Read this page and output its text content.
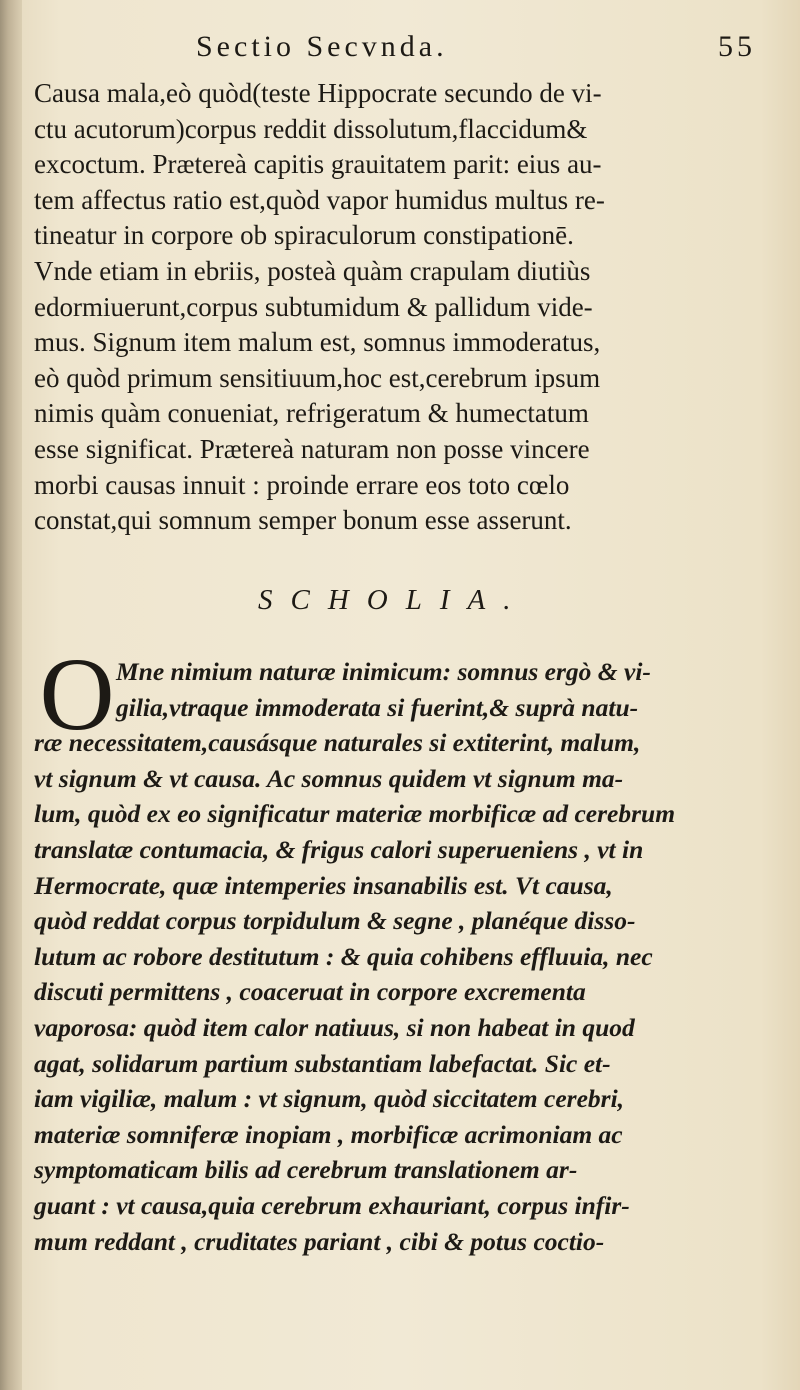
Sectio Secvnda.	55
Causa mala,eò quòd(teste Hippocrate secundo de vi-
ctu acutorum)corpus reddit dissolutum,flaccidum&
excoctum. Prætereà capitis grauitatem parit: eius au-
tem affectus ratio est,quòd vapor humidus multus re-
tineatur in corpore ob spiraculorum constipationē.
Vnde etiam in ebriis, posteà quàm crapulam diutiùs
edormiuerunt,corpus subtumidum & pallidum vide-
mus. Signum item malum est, somnus immoderatus,
eò quòd primum sensitiuum,hoc est,cerebrum ipsum
nimis quàm conueniat, refrigeratum & humectatum
esse significat. Prætereà naturam non posse vincere
morbi causas innuit : proinde errare eos toto cœlo
constat,qui somnum semper bonum esse asserunt.
SCHOLIA.
O Mne nimium naturæ inimicum: somnus ergò & vi-
gilia,vtraque immoderata si fuerint,& suprà natu-
ræ necessitatem,causásque naturales si extiterint, malum,
vt signum & vt causa. Ac somnus quidem vt signum ma-
lum, quòd ex eo significatur materiæ morbificæ ad cerebrum
translatæ contumacia, & frigus calori superueniens , vt in
Hermocrate, quæ intemperies insanabilis est. Vt causa,
quòd reddat corpus torpidulum & segne , planéque disso-
lutum ac robore destitutum : & quia cohibens effluuia, nec
discuti permittens , coaceruat in corpore excrementa
vaporosa: quòd item calor natiuus, si non habeat in quod
agat, solidarum partium substantiam labefactat. Sic et-
iam vigiliæ, malum : vt signum, quòd siccitatem cerebri,
materiæ somniferæ inopiam , morbificæ acrimoniam ac
symptomaticam bilis ad cerebrum translationem ar-
guant : vt causa,quia cerebrum exhauriant, corpus infir-
mum reddant , cruditates pariant , cibi & potus coctio-
